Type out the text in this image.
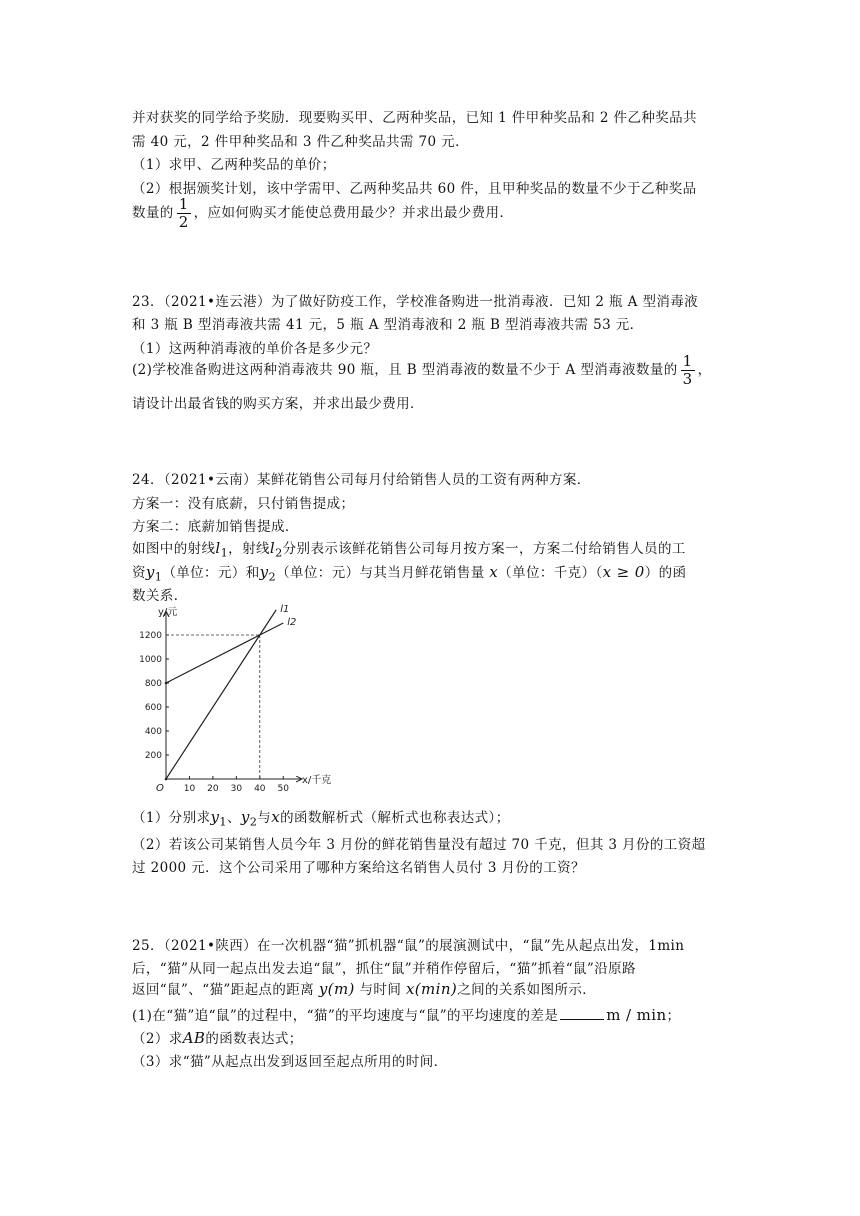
并对获奖的同学给予奖励．现要购买甲、乙两种奖品，已知 1 件甲种奖品和 2 件乙种奖品共
需 40 元，2 件甲种奖品和 3 件乙种奖品共需 70 元．
（1）求甲、乙两种奖品的单价；
（2）根据颁奖计划，该中学需甲、乙两种奖品共 60 件，且甲种奖品的数量不少于乙种奖品
数量的 $\frac{1}{2}$ ，应如何购买才能使总费用最少？并求出最少费用．
23．（2021•连云港）为了做好防疫工作，学校准备购进一批消毒液．已知 2 瓶 A 型消毒液
和 3 瓶 B 型消毒液共需 41 元，5 瓶 A 型消毒液和 2 瓶 B 型消毒液共需 53 元．
（1）这两种消毒液的单价各是多少元？
(2)学校准备购进这两种消毒液共 90 瓶，且 B 型消毒液的数量不少于 A 型消毒液数量的 $\frac{1}{3}$ ，
请设计出最省钱的购买方案，并求出最少费用．
24．（2021•云南）某鲜花销售公司每月付给销售人员的工资有两种方案．
方案一：没有底薪，只付销售提成；
方案二：底薪加销售提成．
如图中的射线$l_1$，射线$l_2$分别表示该鲜花销售公司每月按方案一，方案二付给销售人员的工
资$y_1$（单位：元）和$y_2$（单位：元）与其当月鲜花销售量 x（单位：千克）（x ≥ 0）的函
数关系．
10 20 30 40 50
200
400
600
800
1000
1200
l1
l2
y/元
x/千克
O
（1）分别求$y_1$、$y_2$与x的函数解析式（解析式也称表达式）；
（2）若该公司某销售人员今年 3 月份的鲜花销售量没有超过 70 千克，但其 3 月份的工资超
过 2000 元．这个公司采用了哪种方案给这名销售人员付 3 月份的工资？
25．（2021•陕西）在一次机器“猫”抓机器“鼠”的展演测试中，“鼠”先从起点出发，1min
后，“猫”从同一起点出发去追“鼠”，抓住“鼠”并稍作停留后，“猫”抓着“鼠”沿原路
返回“鼠”、“猫”距起点的距离 y(m) 与时间 x(min)之间的关系如图所示．
(1)在“猫”追“鼠”的过程中，“猫”的平均速度与“鼠”的平均速度的差是	m / min；
（2）求AB的函数表达式；
（3）求“猫”从起点出发到返回至起点所用的时间．
